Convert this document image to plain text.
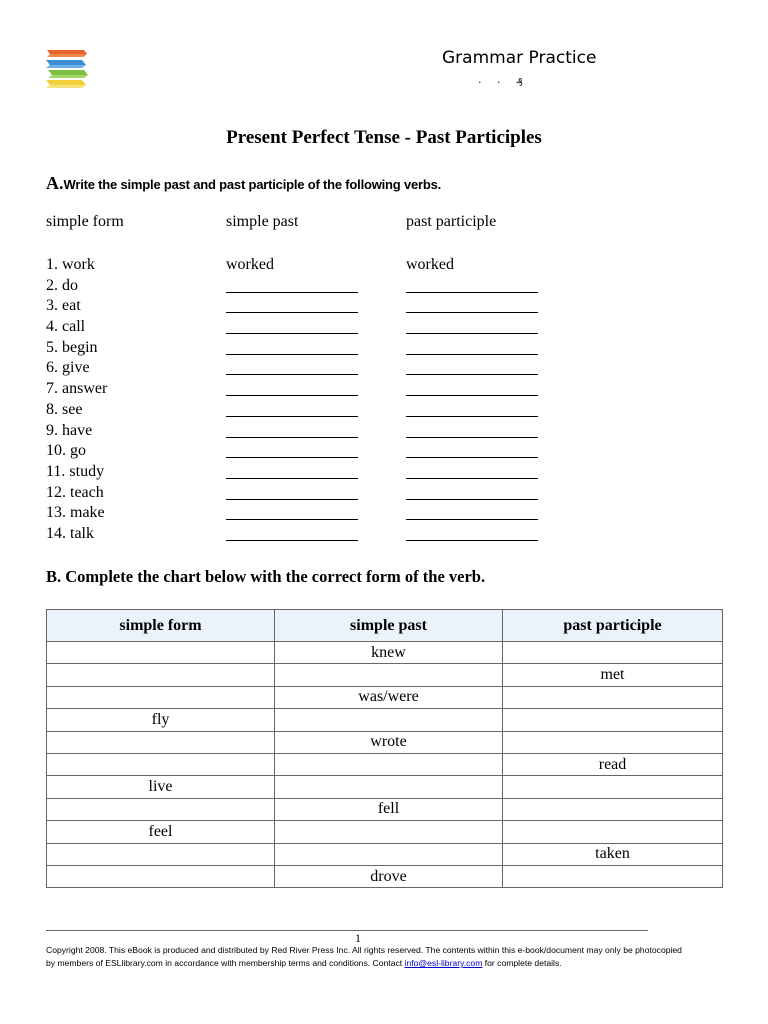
Grammar Practice
· · ₰
Present Perfect Tense - Past Participles
A.Write the simple past and past participle of the following verbs.
simple form	simple past	past participle
1. work	worked	worked
2. do
3. eat
4. call
5. begin
6. give
7. answer
8. see
9. have
10. go
11. study
12. teach
13. make
14. talk
B. Complete the chart below with the correct form of the verb.
simple form	simple past	past participle
	knew	
		met
	was/were	
fly		
	wrote	
		read
live		
	fell	
feel		
		taken
	drove	
1
Copyright 2008. This eBook is produced and distributed by Red River Press Inc. All rights reserved. The contents within this e-book/document may only be photocopied by members of ESLlibrary.com in accordance with membership terms and conditions. Contact info@esl-library.com for complete details.
